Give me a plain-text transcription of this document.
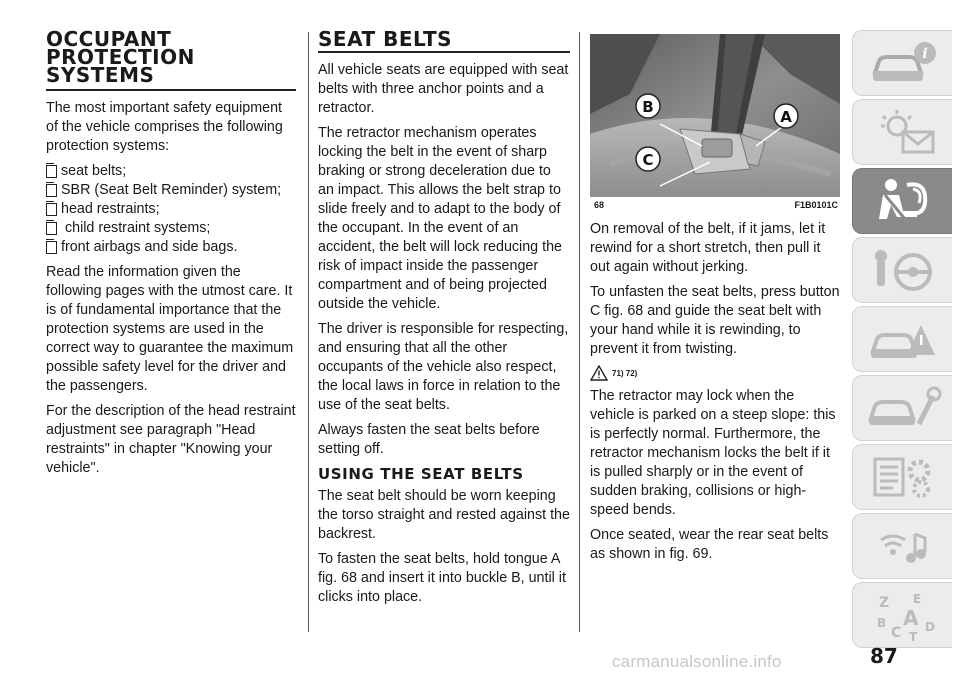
OCCUPANT PROTECTION SYSTEMS

The most important safety equipment of the vehicle comprises the following protection systems:

seat belts;
SBR (Seat Belt Reminder) system;
head restraints;
child restraint systems;
front airbags and side bags.

Read the information given the following pages with the utmost care. It is of fundamental importance that the protection systems are used in the correct way to guarantee the maximum possible safety level for the driver and the passengers.

For the description of the head restraint adjustment see paragraph "Head restraints" in chapter "Knowing your vehicle".

SEAT BELTS

All vehicle seats are equipped with seat belts with three anchor points and a retractor.

The retractor mechanism operates locking the belt in the event of sharp braking or strong deceleration due to an impact. This allows the belt strap to slide freely and to adapt to the body of the occupant. In the event of an accident, the belt will lock reducing the risk of impact inside the passenger compartment and of being projected outside the vehicle.

The driver is responsible for respecting, and ensuring that all the other occupants of the vehicle also respect, the local laws in force in relation to the use of the seat belts.

Always fasten the seat belts before setting off.

USING THE SEAT BELTS

The seat belt should be worn keeping the torso straight and rested against the backrest.

To fasten the seat belts, hold tongue A fig. 68 and insert it into buckle B, until it clicks into place.

B
A
C
68	F1B0101C

On removal of the belt, if it jams, let it rewind for a short stretch, then pull it out again without jerking.

To unfasten the seat belts, press button C fig. 68 and guide the seat belt with your hand while it is rewinding, to prevent it from twisting.

71) 72)

The retractor may lock when the vehicle is parked on a steep slope: this is perfectly normal. Furthermore, the retractor mechanism locks the belt if it is pulled sharply or in the event of sudden braking, collisions or high-speed bends.

Once seated, wear the rear seat belts as shown in fig. 69.

i
Z E
B A
C D
T
87
carmanualsonline.info
